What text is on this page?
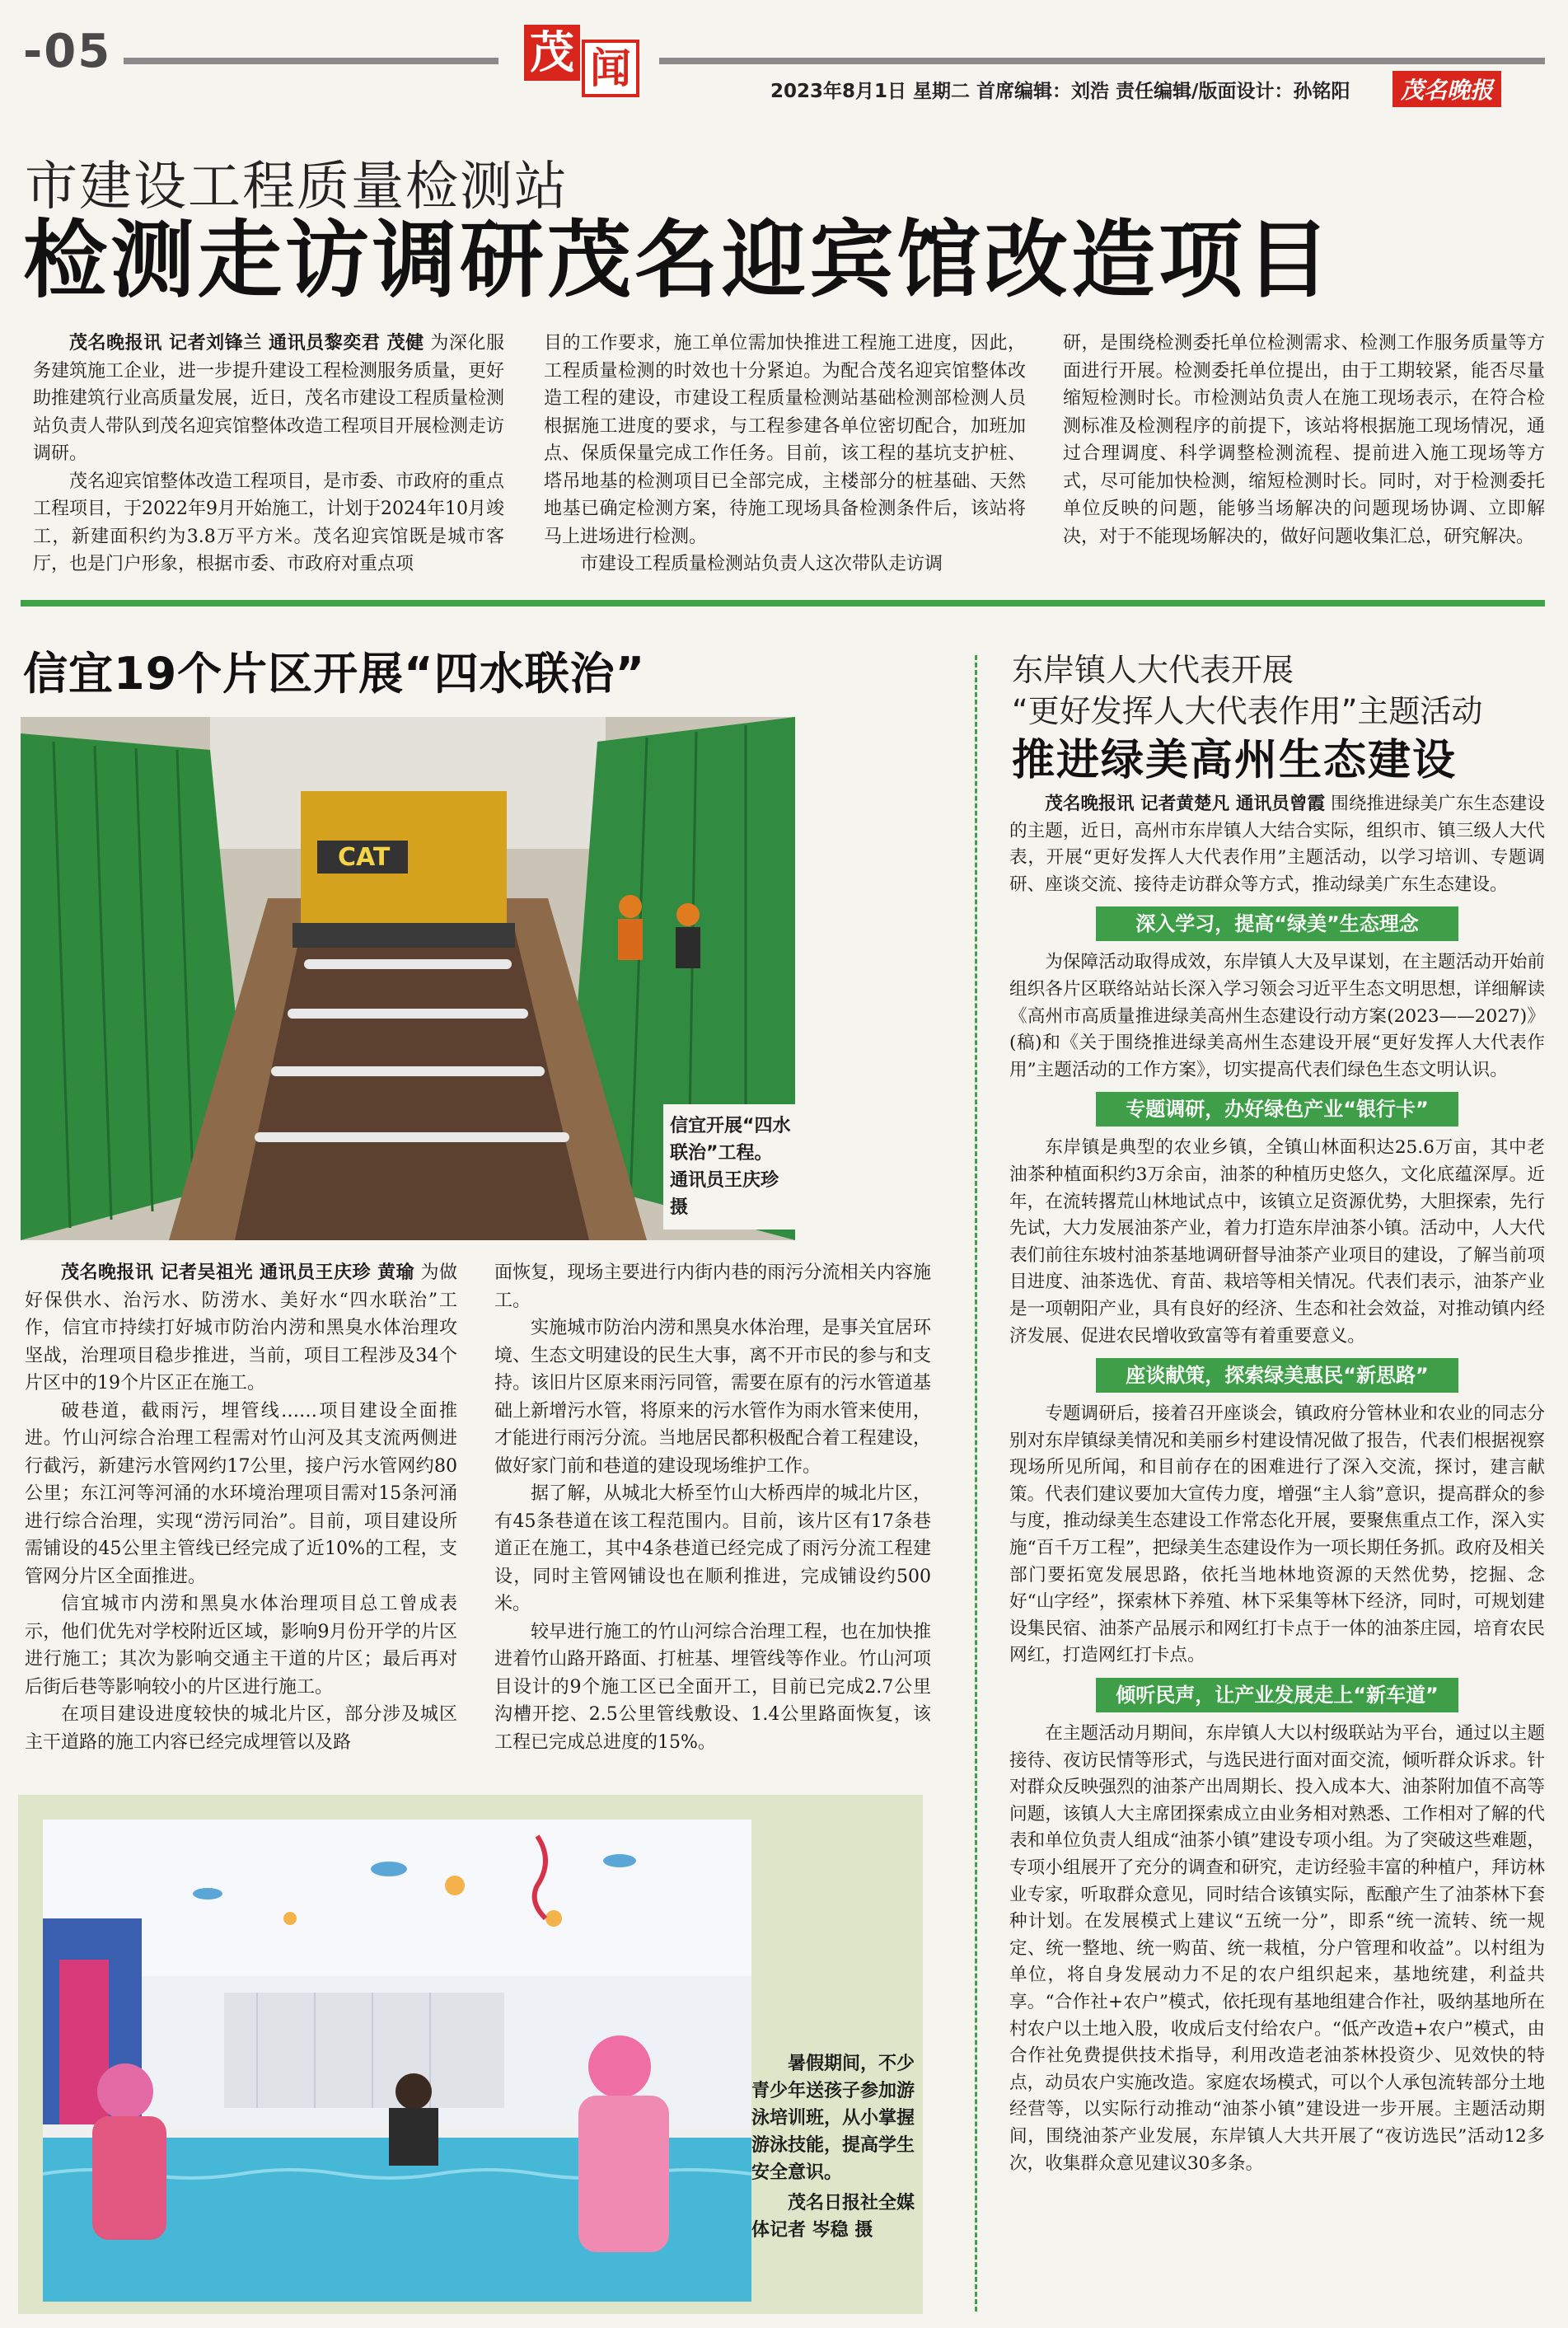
-05	茂 闻	2023年8月1日 星期二 首席编辑：刘浩 责任编辑/版面设计：孙铭阳	茂名晚报
市建设工程质量检测站
检测走访调研茂名迎宾馆改造项目

茂名晚报讯 记者刘锋兰 通讯员黎奕君 茂健 为深化服务建筑施工企业，进一步提升建设工程检测服务质量，更好助推建筑行业高质量发展，近日，茂名市建设工程质量检测站负责人带队到茂名迎宾馆整体改造工程项目开展检测走访调研。

茂名迎宾馆整体改造工程项目，是市委、市政府的重点工程项目，于2022年9月开始施工，计划于2024年10月竣工，新建面积约为3.8万平方米。茂名迎宾馆既是城市客厅，也是门户形象，根据市委、市政府对重点项

目的工作要求，施工单位需加快推进工程施工进度，因此，工程质量检测的时效也十分紧迫。为配合茂名迎宾馆整体改造工程的建设，市建设工程质量检测站基础检测部检测人员根据施工进度的要求，与工程参建各单位密切配合，加班加点、保质保量完成工作任务。目前，该工程的基坑支护桩、塔吊地基的检测项目已全部完成，主楼部分的桩基础、天然地基已确定检测方案，待施工现场具备检测条件后，该站将马上进场进行检测。

市建设工程质量检测站负责人这次带队走访调

研，是围绕检测委托单位检测需求、检测工作服务质量等方面进行开展。检测委托单位提出，由于工期较紧，能否尽量缩短检测时长。市检测站负责人在施工现场表示，在符合检测标准及检测程序的前提下，该站将根据施工现场情况，通过合理调度、科学调整检测流程、提前进入施工现场等方式，尽可能加快检测，缩短检测时长。同时，对于检测委托单位反映的问题，能够当场解决的问题现场协调、立即解决，对于不能现场解决的，做好问题收集汇总，研究解决。

信宜19个片区开展“四水联治”
CAT
信宜开展“四水联治”工程。
通讯员王庆珍 摄

茂名晚报讯 记者吴祖光 通讯员王庆珍 黄瑜 为做好保供水、治污水、防涝水、美好水“四水联治”工作，信宜市持续打好城市防治内涝和黑臭水体治理攻坚战，治理项目稳步推进，当前，项目工程涉及34个片区中的19个片区正在施工。

破巷道，截雨污，埋管线……项目建设全面推进。竹山河综合治理工程需对竹山河及其支流两侧进行截污，新建污水管网约17公里，接户污水管网约80公里；东江河等河涌的水环境治理项目需对15条河涌进行综合治理，实现“涝污同治”。目前，项目建设所需铺设的45公里主管线已经完成了近10%的工程，支管网分片区全面推进。

信宜城市内涝和黑臭水体治理项目总工曾成表示，他们优先对学校附近区域，影响9月份开学的片区进行施工；其次为影响交通主干道的片区；最后再对后街后巷等影响较小的片区进行施工。

在项目建设进度较快的城北片区，部分涉及城区主干道路的施工内容已经完成埋管以及路

面恢复，现场主要进行内街内巷的雨污分流相关内容施工。

实施城市防治内涝和黑臭水体治理，是事关宜居环境、生态文明建设的民生大事，离不开市民的参与和支持。该旧片区原来雨污同管，需要在原有的污水管道基础上新增污水管，将原来的污水管作为雨水管来使用，才能进行雨污分流。当地居民都积极配合着工程建设，做好家门前和巷道的建设现场维护工作。

据了解，从城北大桥至竹山大桥西岸的城北片区，有45条巷道在该工程范围内。目前，该片区有17条巷道正在施工，其中4条巷道已经完成了雨污分流工程建设，同时主管网铺设也在顺利推进，完成铺设约500米。

较早进行施工的竹山河综合治理工程，也在加快推进着竹山路开路面、打桩基、埋管线等作业。竹山河项目设计的9个施工区已全面开工，目前已完成2.7公里沟槽开挖、2.5公里管线敷设、1.4公里路面恢复，该工程已完成总进度的15%。

暑假期间，不少青少年送孩子参加游泳培训班，从小掌握游泳技能，提高学生安全意识。
茂名日报社全媒体记者 岑稳 摄
东岸镇人大代表开展
“更好发挥人大代表作用”主题活动
推进绿美高州生态建设

茂名晚报讯 记者黄楚凡 通讯员曾霞 围绕推进绿美广东生态建设的主题，近日，高州市东岸镇人大结合实际，组织市、镇三级人大代表，开展“更好发挥人大代表作用”主题活动，以学习培训、专题调研、座谈交流、接待走访群众等方式，推动绿美广东生态建设。

深入学习，提高“绿美”生态理念

为保障活动取得成效，东岸镇人大及早谋划，在主题活动开始前组织各片区联络站站长深入学习领会习近平生态文明思想，详细解读《高州市高质量推进绿美高州生态建设行动方案(2023——2027)》(稿)和《关于围绕推进绿美高州生态建设开展“更好发挥人大代表作用”主题活动的工作方案》，切实提高代表们绿色生态文明认识。

专题调研，办好绿色产业“银行卡”

东岸镇是典型的农业乡镇，全镇山林面积达25.6万亩，其中老油茶种植面积约3万余亩，油茶的种植历史悠久，文化底蕴深厚。近年，在流转撂荒山林地试点中，该镇立足资源优势，大胆探索，先行先试，大力发展油茶产业，着力打造东岸油茶小镇。活动中，人大代表们前往东坡村油茶基地调研督导油茶产业项目的建设，了解当前项目进度、油茶选优、育苗、栽培等相关情况。代表们表示，油茶产业是一项朝阳产业，具有良好的经济、生态和社会效益，对推动镇内经济发展、促进农民增收致富等有着重要意义。

座谈献策，探索绿美惠民“新思路”

专题调研后，接着召开座谈会，镇政府分管林业和农业的同志分别对东岸镇绿美情况和美丽乡村建设情况做了报告，代表们根据视察现场所见所闻，和目前存在的困难进行了深入交流，探讨，建言献策。代表们建议要加大宣传力度，增强“主人翁”意识，提高群众的参与度，推动绿美生态建设工作常态化开展，要聚焦重点工作，深入实施“百千万工程”，把绿美生态建设作为一项长期任务抓。政府及相关部门要拓宽发展思路，依托当地林地资源的天然优势，挖掘、念好“山字经”，探索林下养殖、林下采集等林下经济，同时，可规划建设集民宿、油茶产品展示和网红打卡点于一体的油茶庄园，培育农民网红，打造网红打卡点。

倾听民声，让产业发展走上“新车道”

在主题活动月期间，东岸镇人大以村级联站为平台，通过以主题接待、夜访民情等形式，与选民进行面对面交流，倾听群众诉求。针对群众反映强烈的油茶产出周期长、投入成本大、油茶附加值不高等问题，该镇人大主席团探索成立由业务相对熟悉、工作相对了解的代表和单位负责人组成“油茶小镇”建设专项小组。为了突破这些难题，专项小组展开了充分的调查和研究，走访经验丰富的种植户，拜访林业专家，听取群众意见，同时结合该镇实际，酝酿产生了油茶林下套种计划。在发展模式上建议“五统一分”，即系“统一流转、统一规定、统一整地、统一购苗、统一栽植，分户管理和收益”。以村组为单位，将自身发展动力不足的农户组织起来，基地统建，利益共享。“合作社+农户”模式，依托现有基地组建合作社，吸纳基地所在村农户以土地入股，收成后支付给农户。“低产改造+农户”模式，由合作社免费提供技术指导，利用改造老油茶林投资少、见效快的特点，动员农户实施改造。家庭农场模式，可以个人承包流转部分土地经营等，以实际行动推动“油茶小镇”建设进一步开展。主题活动期间，围绕油茶产业发展，东岸镇人大共开展了“夜访选民”活动12多次，收集群众意见建议30多条。
